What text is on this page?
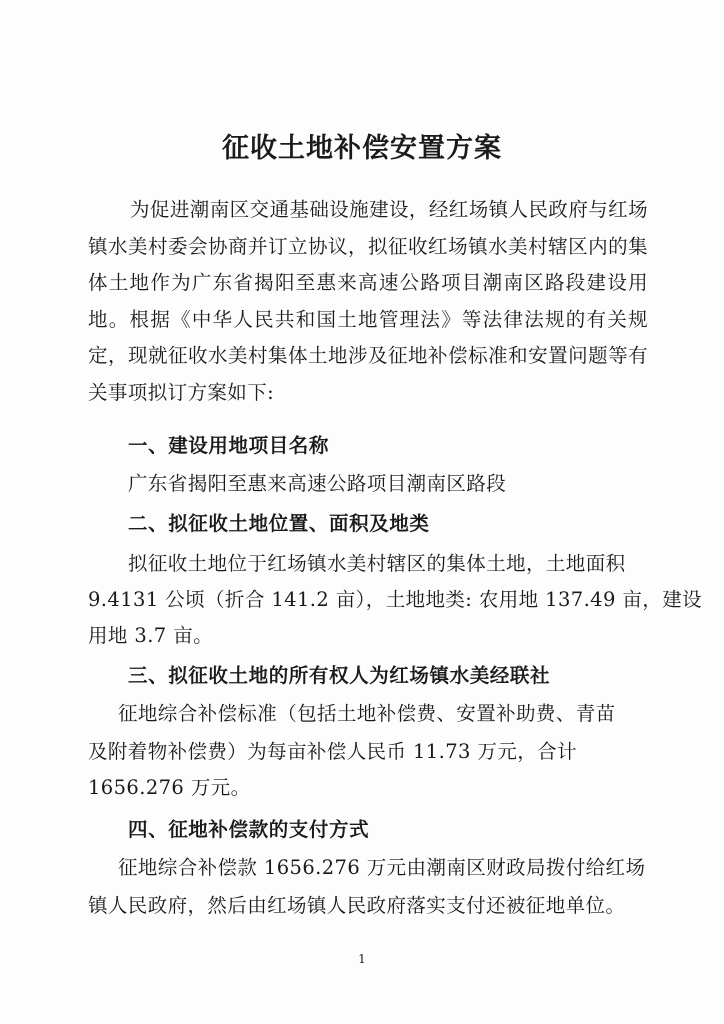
征收土地补偿安置方案
为促进潮南区交通基础设施建设，经红场镇人民政府与红场镇水美村委会协商并订立协议，拟征收红场镇水美村辖区内的集体土地作为广东省揭阳至惠来高速公路项目潮南区路段建设用地。根据《中华人民共和国土地管理法》等法律法规的有关规定，现就征收水美村集体土地涉及征地补偿标准和安置问题等有关事项拟订方案如下:
一、建设用地项目名称
广东省揭阳至惠来高速公路项目潮南区路段
二、拟征收土地位置、面积及地类
拟征收土地位于红场镇水美村辖区的集体土地，土地面积
9.4131 公顷（折合 141.2 亩），土地地类: 农用地 137.49 亩，建设
用地 3.7 亩。
三、拟征收土地的所有权人为红场镇水美经联社
征地综合补偿标准（包括土地补偿费、安置补助费、青苗
及附着物补偿费）为每亩补偿人民币 11.73 万元，合计
1656.276 万元。
四、征地补偿款的支付方式
征地综合补偿款 1656.276 万元由潮南区财政局拨付给红场
镇人民政府，然后由红场镇人民政府落实支付还被征地单位。
1
